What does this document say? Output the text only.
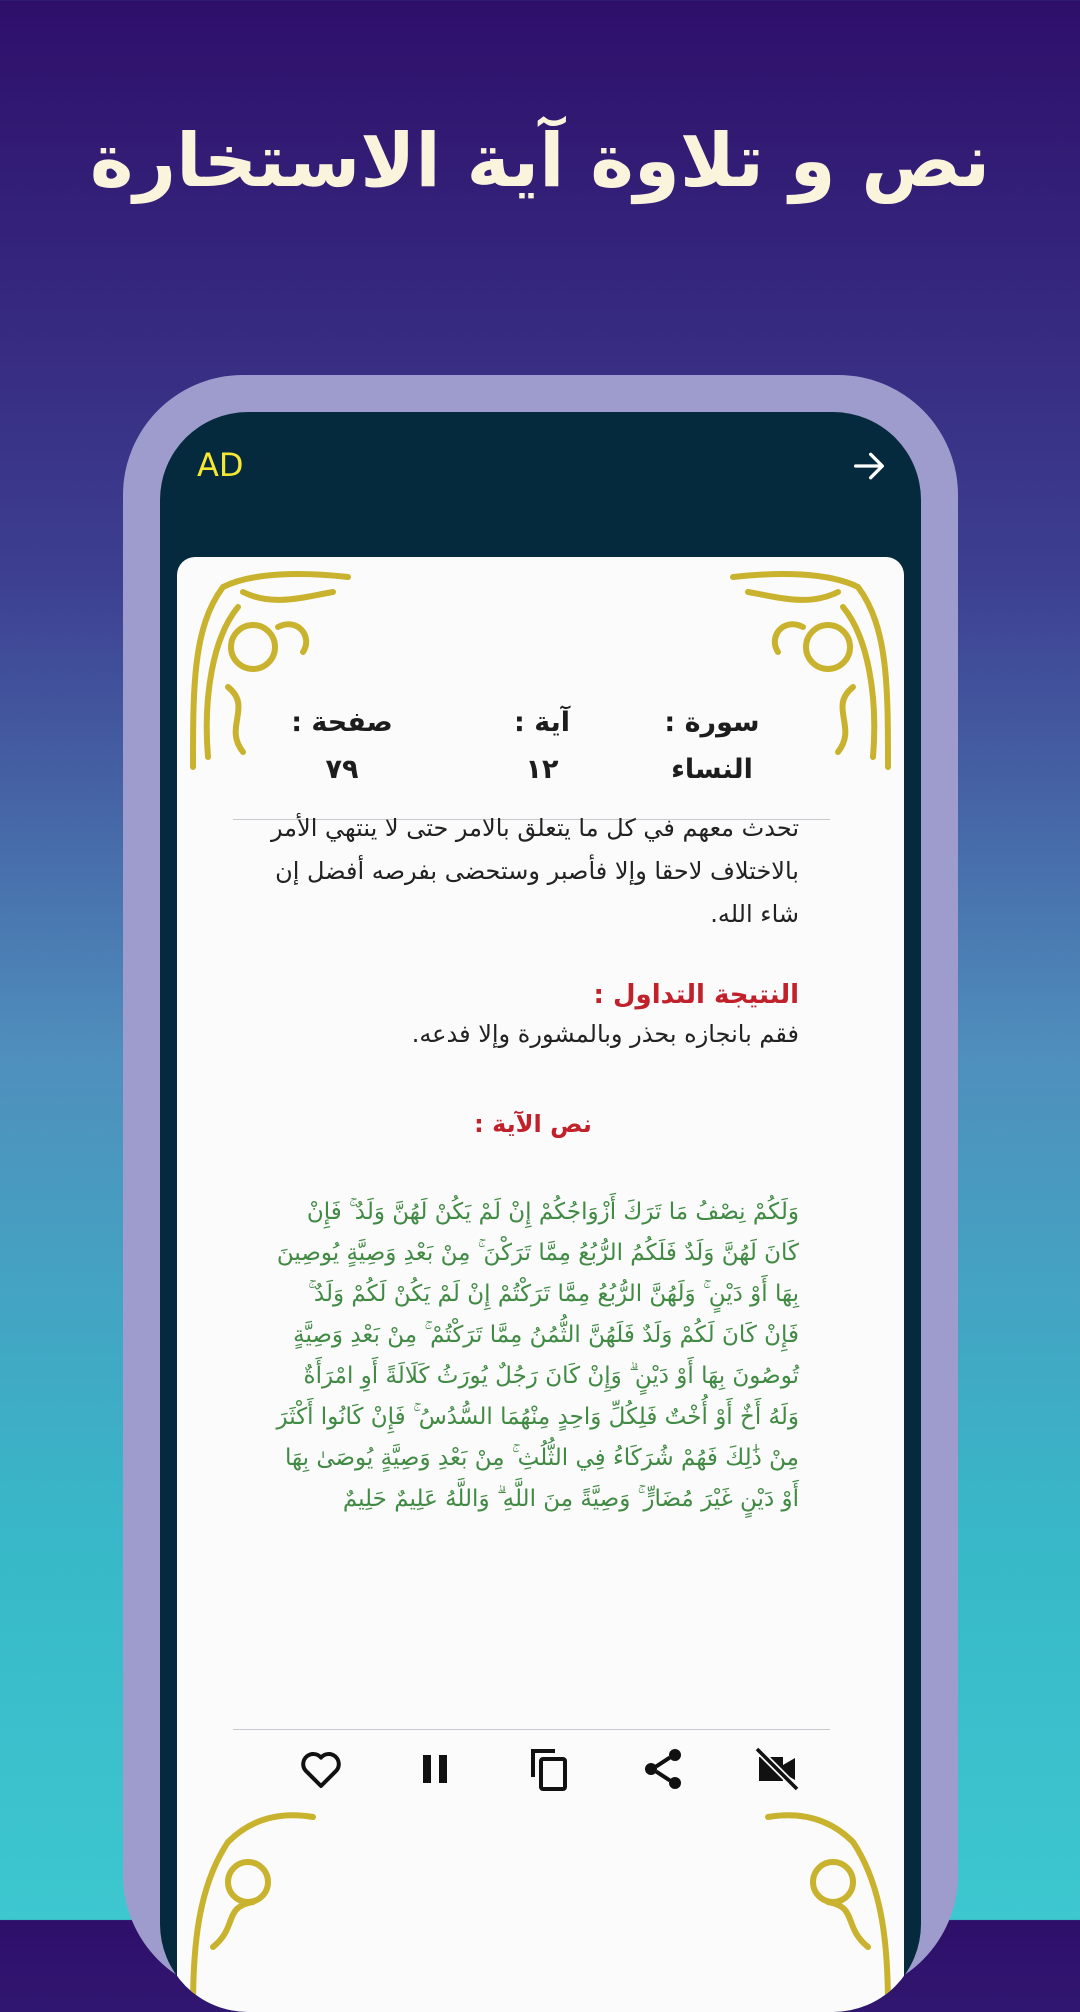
نص و تلاوة آية الاستخارة
AD
صفحة :
٧٩
آية :
١٢
سورة :
النساء
تحدث معهم في كل ما يتعلق بالامر حتى لا ينتهي الأمر بالاختلاف لاحقا وإلا فأصبر وستحضى بفرصه أفضل إن شاء الله.
النتيجة التداول :
فقم بانجازه بحذر وبالمشورة وإلا فدعه.
نص الآية :
وَلَكُمْ نِصْفُ مَا تَرَكَ أَزْوَاجُكُمْ إِنْ لَمْ يَكُنْ لَهُنَّ وَلَدٌ ۚ فَإِنْ كَانَ لَهُنَّ وَلَدٌ فَلَكُمُ الرُّبُعُ مِمَّا تَرَكْنَ ۚ مِنْ بَعْدِ وَصِيَّةٍ يُوصِينَ بِهَا أَوْ دَيْنٍ ۚ وَلَهُنَّ الرُّبُعُ مِمَّا تَرَكْتُمْ إِنْ لَمْ يَكُنْ لَكُمْ وَلَدٌ ۚ فَإِنْ كَانَ لَكُمْ وَلَدٌ فَلَهُنَّ الثُّمُنُ مِمَّا تَرَكْتُمْ ۚ مِنْ بَعْدِ وَصِيَّةٍ تُوصُونَ بِهَا أَوْ دَيْنٍ ۗ وَإِنْ كَانَ رَجُلٌ يُورَثُ كَلَالَةً أَوِ امْرَأَةٌ وَلَهُ أَخٌ أَوْ أُخْتٌ فَلِكُلِّ وَاحِدٍ مِنْهُمَا السُّدُسُ ۚ فَإِنْ كَانُوا أَكْثَرَ مِنْ ذَٰلِكَ فَهُمْ شُرَكَاءُ فِي الثُّلُثِ ۚ مِنْ بَعْدِ وَصِيَّةٍ يُوصَىٰ بِهَا أَوْ دَيْنٍ غَيْرَ مُضَارٍّ ۚ وَصِيَّةً مِنَ اللَّهِ ۗ وَاللَّهُ عَلِيمٌ حَلِيمٌ
